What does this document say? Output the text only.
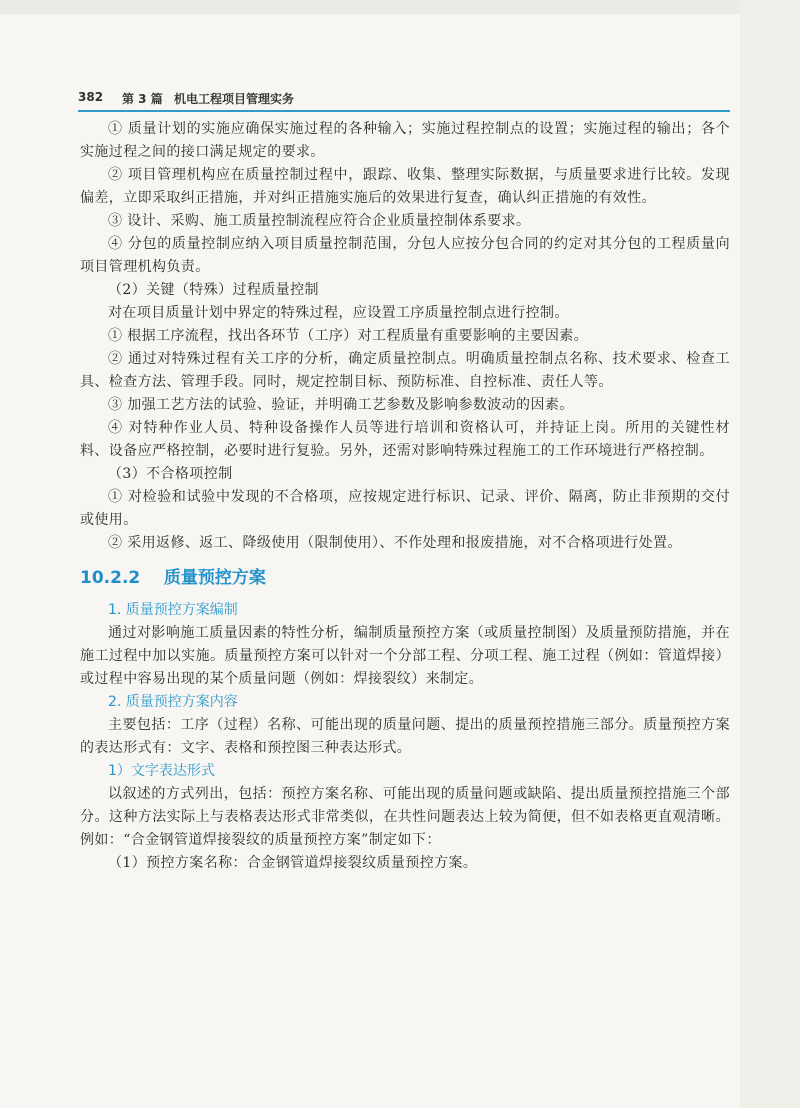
382 第 3 篇 机电工程项目管理实务

① 质量计划的实施应确保实施过程的各种输入；实施过程控制点的设置；实施过程的输出；各个实施过程之间的接口满足规定的要求。

② 项目管理机构应在质量控制过程中，跟踪、收集、整理实际数据，与质量要求进行比较。发现偏差，立即采取纠正措施，并对纠正措施实施后的效果进行复查，确认纠正措施的有效性。

③ 设计、采购、施工质量控制流程应符合企业质量控制体系要求。

④ 分包的质量控制应纳入项目质量控制范围，分包人应按分包合同的约定对其分包的工程质量向项目管理机构负责。

（2）关键（特殊）过程质量控制

对在项目质量计划中界定的特殊过程，应设置工序质量控制点进行控制。

① 根据工序流程，找出各环节（工序）对工程质量有重要影响的主要因素。

② 通过对特殊过程有关工序的分析，确定质量控制点。明确质量控制点名称、技术要求、检查工具、检查方法、管理手段。同时，规定控制目标、预防标准、自控标准、责任人等。

③ 加强工艺方法的试验、验证，并明确工艺参数及影响参数波动的因素。

④ 对特种作业人员、特种设备操作人员等进行培训和资格认可，并持证上岗。所用的关键性材料、设备应严格控制，必要时进行复验。另外，还需对影响特殊过程施工的工作环境进行严格控制。

（3）不合格项控制

① 对检验和试验中发现的不合格项，应按规定进行标识、记录、评价、隔离，防止非预期的交付或使用。

② 采用返修、返工、降级使用（限制使用）、不作处理和报废措施，对不合格项进行处置。

10.2.2 质量预控方案
1. 质量预控方案编制

通过对影响施工质量因素的特性分析，编制质量预控方案（或质量控制图）及质量预防措施，并在施工过程中加以实施。质量预控方案可以针对一个分部工程、分项工程、施工过程（例如：管道焊接）或过程中容易出现的某个质量问题（例如：焊接裂纹）来制定。

2. 质量预控方案内容

主要包括：工序（过程）名称、可能出现的质量问题、提出的质量预控措施三部分。质量预控方案的表达形式有：文字、表格和预控图三种表达形式。

1）文字表达形式

以叙述的方式列出，包括：预控方案名称、可能出现的质量问题或缺陷、提出质量预控措施三个部分。这种方法实际上与表格表达形式非常类似，在共性问题表达上较为简便，但不如表格更直观清晰。例如：“合金钢管道焊接裂纹的质量预控方案”制定如下：

（1）预控方案名称：合金钢管道焊接裂纹质量预控方案。
